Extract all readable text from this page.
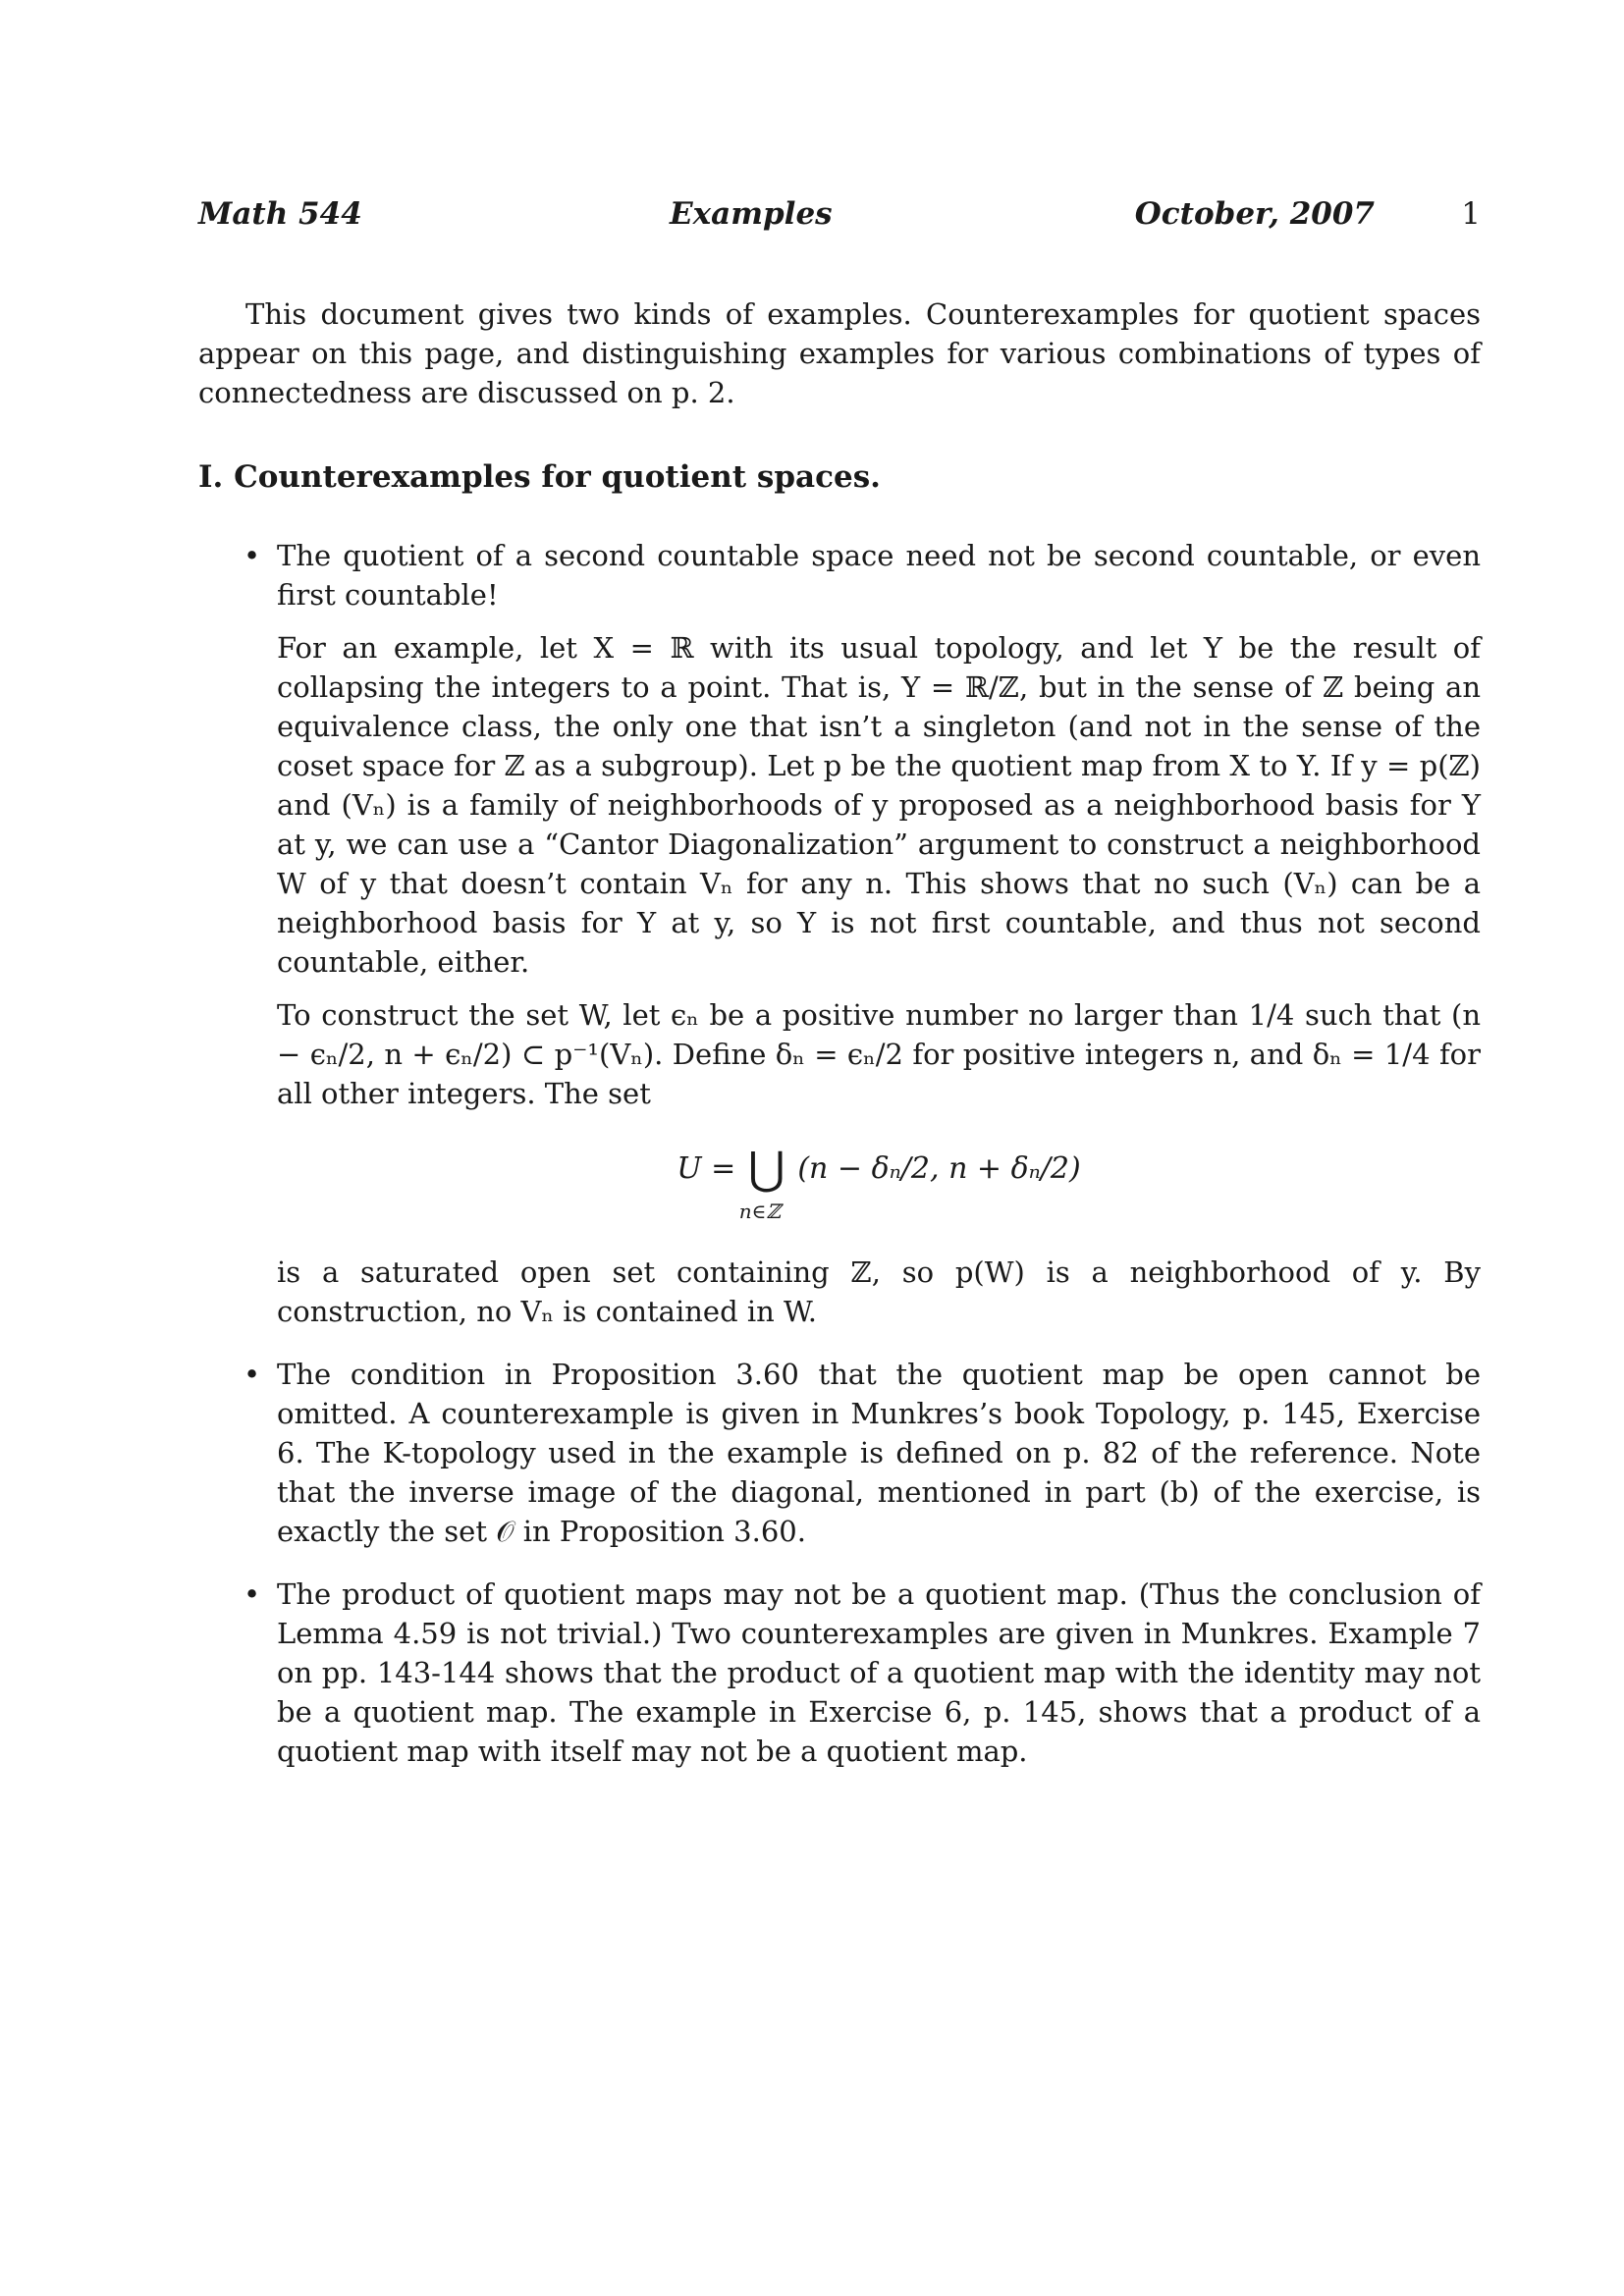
Math 544	Examples	October, 2007	1

This document gives two kinds of examples. Counterexamples for quotient spaces appear on this page, and distinguishing examples for various combinations of types of connectedness are discussed on p. 2.

I. Counterexamples for quotient spaces.
• The quotient of a second countable space need not be second countable, or even first countable!

For an example, let X = ℝ with its usual topology, and let Y be the result of collapsing the integers to a point. That is, Y = ℝ/ℤ, but in the sense of ℤ being an equivalence class, the only one that isn’t a singleton (and not in the sense of the coset space for ℤ as a subgroup). Let p be the quotient map from X to Y. If y = p(ℤ) and (Vₙ) is a family of neighborhoods of y proposed as a neighborhood basis for Y at y, we can use a “Cantor Diagonalization” argument to construct a neighborhood W of y that doesn’t contain Vₙ for any n. This shows that no such (Vₙ) can be a neighborhood basis for Y at y, so Y is not first countable, and thus not second countable, either.

To construct the set W, let ϵₙ be a positive number no larger than 1/4 such that (n − ϵₙ/2, n + ϵₙ/2) ⊂ p⁻¹(Vₙ). Define δₙ = ϵₙ/2 for positive integers n, and δₙ = 1/4 for all other integers. The set

U = ⋃
n∈ℤ
(n − δₙ/2, n + δₙ/2)

is a saturated open set containing ℤ, so p(W) is a neighborhood of y. By construction, no Vₙ is contained in W.

• The condition in Proposition 3.60 that the quotient map be open cannot be omitted. A counterexample is given in Munkres’s book Topology, p. 145, Exercise 6. The K-topology used in the example is defined on p. 82 of the reference. Note that the inverse image of the diagonal, mentioned in part (b) of the exercise, is exactly the set 𝒪 in Proposition 3.60.

• The product of quotient maps may not be a quotient map. (Thus the conclusion of Lemma 4.59 is not trivial.) Two counterexamples are given in Munkres. Example 7 on pp. 143-144 shows that the product of a quotient map with the identity may not be a quotient map. The example in Exercise 6, p. 145, shows that a product of a quotient map with itself may not be a quotient map.
